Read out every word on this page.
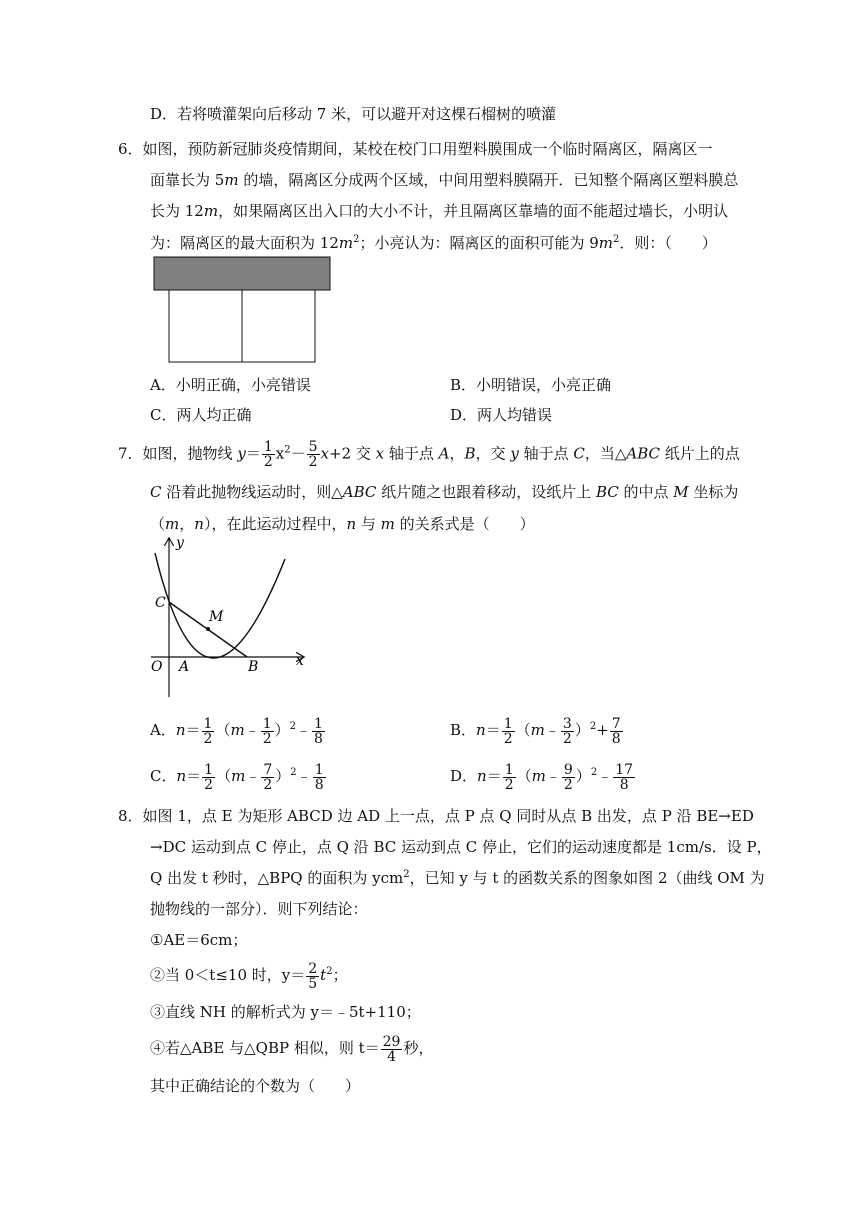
D．若将喷灌架向后移动 7 米，可以避开对这棵石榴树的喷灌
6．如图，预防新冠肺炎疫情期间，某校在校门口用塑料膜围成一个临时隔离区，隔离区一
面靠长为 5m 的墙，隔离区分成两个区域，中间用塑料膜隔开．已知整个隔离区塑料膜总
长为 12m，如果隔离区出入口的大小不计，并且隔离区靠墙的面不能超过墙长，小明认
为：隔离区的最大面积为 $12m^2$；小亮认为：隔离区的面积可能为 $9m^2$．则：（　　）
A．小明正确，小亮错误	B．小明错误，小亮正确
C．两人均正确	D．两人均错误
7．如图，抛物线 $y= \frac{1}{2} x^2- \frac{5}{2} x+2$ 交 x 轴于点 A，B，交 y 轴于点 C，当△ABC 纸片上的点
C 沿着此抛物线运动时，则△ABC 纸片随之也跟着移动，设纸片上 BC 的中点 M 坐标为
（m，n），在此运动过程中，n 与 m 的关系式是（　　）
y
x
C
M
O A	B
A．$n= \frac{1}{2}$ （m﹣ $\frac{1}{2}$ ）$^2$﹣ $\frac{1}{8}$	B．$n= \frac{1}{2}$ （m﹣ $\frac{3}{2} )^2+ \frac{7}{8}$
C．$n= \frac{1}{2}$ （m﹣ $\frac{7}{2}$ ）$^2$﹣ $\frac{1}{8}$	D．$n= \frac{1}{2}$ （m﹣ $\frac{9}{2}$ ）$^2$﹣ $\frac{17}{8}$
8．如图 1，点 E 为矩形 ABCD 边 AD 上一点，点 P 点 Q 同时从点 B 出发，点 P 沿 BE→ED
→DC 运动到点 C 停止，点 Q 沿 BC 运动到点 C 停止，它们的运动速度都是 1cm/s．设 P，
Q 出发 t 秒时，△BPQ 的面积为 ycm$^2$，已知 y 与 t 的函数关系的图象如图 2（曲线 OM 为
抛物线的一部分）．则下列结论：
①AE＝6cm；
②当 0＜t≤10 时，$y= \frac{2}{5} t^2$；
③直线 NH 的解析式为 y＝﹣5t+110；
④若△ABE 与△QBP 相似，则 $t= \frac{29}{4}$ 秒，
其中正确结论的个数为（　　）
